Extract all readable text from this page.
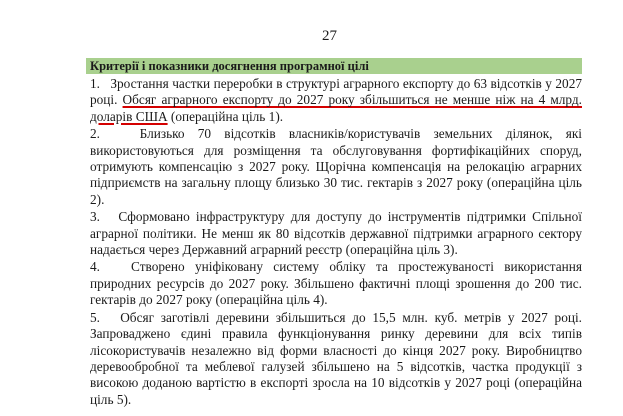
27
Критерії і показники досягнення програмної цілі

1.   Зростання частки переробки в структурі аграрного експорту до 63 відсотків у 2027 році. Обсяг аграрного експорту до 2027 року збільшиться не менше ніж на 4 млрд. доларів США (операційна ціль 1).

2.   Близько 70 відсотків власників/користувачів земельних ділянок, які використовуються для розміщення та обслуговування фортифікаційних споруд, отримують компенсацію з 2027 року. Щорічна компенсація на релокацію аграрних підприємств на загальну площу близько 30 тис. гектарів з 2027 року (операційна ціль 2).

3.   Сформовано інфраструктуру для доступу до інструментів підтримки Спільної аграрної політики. Не менш як 80 відсотків державної підтримки аграрного сектору надається через Державний аграрний реєстр (операційна ціль 3).

4.   Створено уніфіковану систему обліку та простежуваності використання природних ресурсів до 2027 року. Збільшено фактичні площі зрошення до 200 тис. гектарів до 2027 року (операційна ціль 4).

5.   Обсяг заготівлі деревини збільшиться до 15,5 млн. куб. метрів у 2027 році. Запроваджено єдині правила функціонування ринку деревини для всіх типів лісокористувачів незалежно від форми власності до кінця 2027 року. Виробництво деревообробної та меблевої галузей збільшено на 5 відсотків, частка продукції з високою доданою вартістю в експорті зросла на 10 відсотків у 2027 році (операційна ціль 5).
